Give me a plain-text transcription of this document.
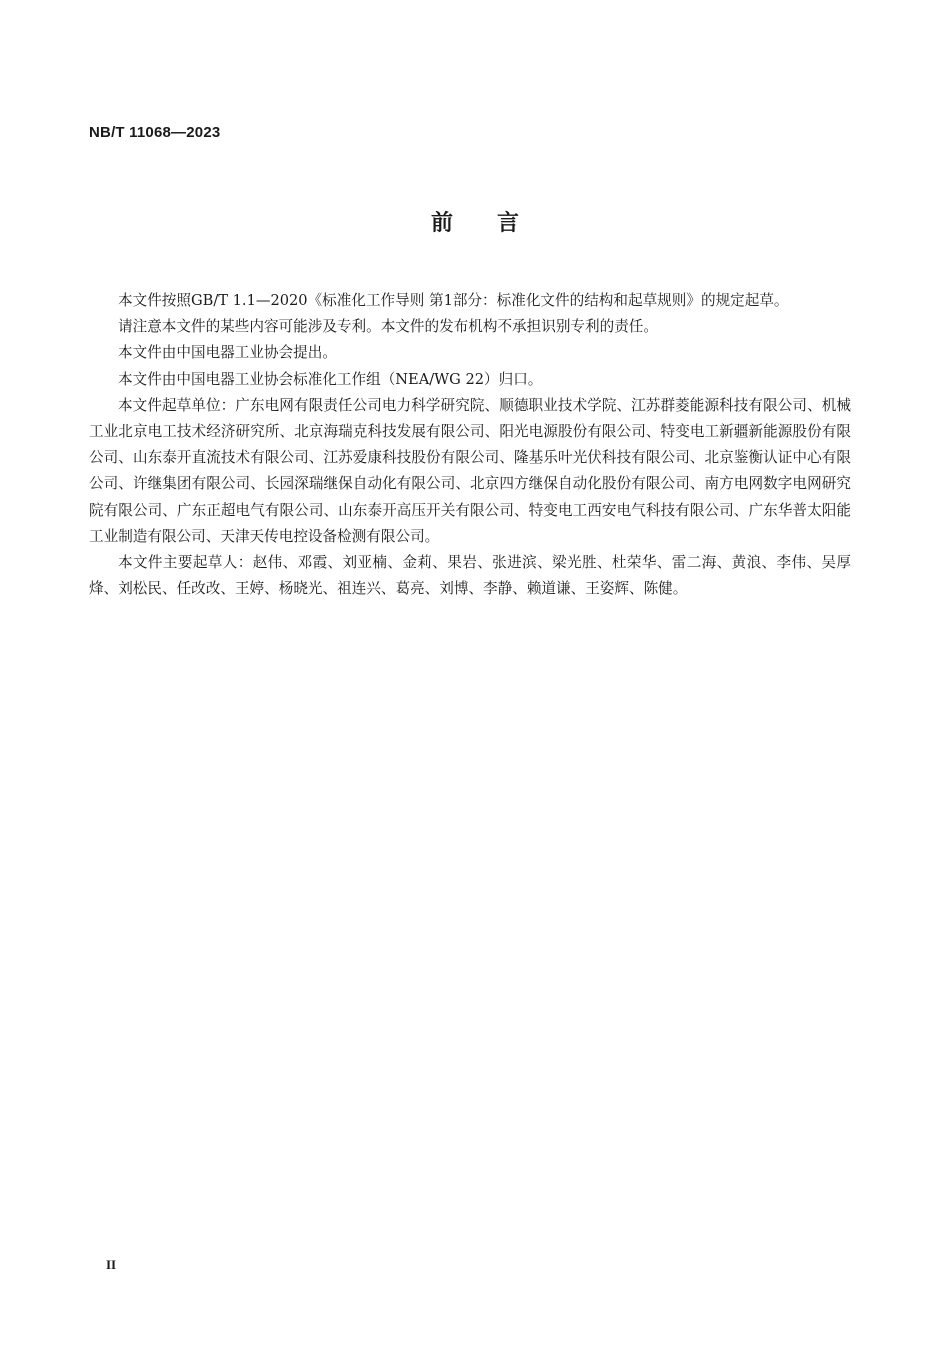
NB/T 11068—2023
前 言

本文件按照GB/T 1.1—2020《标准化工作导则 第1部分：标准化文件的结构和起草规则》的规定起草。

请注意本文件的某些内容可能涉及专利。本文件的发布机构不承担识别专利的责任。

本文件由中国电器工业协会提出。

本文件由中国电器工业协会标准化工作组（NEA/WG 22）归口。

本文件起草单位：广东电网有限责任公司电力科学研究院、顺德职业技术学院、江苏群菱能源科技有限公司、机械工业北京电工技术经济研究所、北京海瑞克科技发展有限公司、阳光电源股份有限公司、特变电工新疆新能源股份有限公司、山东泰开直流技术有限公司、江苏爱康科技股份有限公司、隆基乐叶光伏科技有限公司、北京鉴衡认证中心有限公司、许继集团有限公司、长园深瑞继保自动化有限公司、北京四方继保自动化股份有限公司、南方电网数字电网研究院有限公司、广东正超电气有限公司、山东泰开高压开关有限公司、特变电工西安电气科技有限公司、广东华普太阳能工业制造有限公司、天津天传电控设备检测有限公司。

本文件主要起草人：赵伟、邓霞、刘亚楠、金莉、果岩、张进滨、梁光胜、杜荣华、雷二海、黄浪、李伟、吴厚烽、刘松民、任改改、王婷、杨晓光、祖连兴、葛亮、刘博、李静、赖道谦、王姿辉、陈健。

II
